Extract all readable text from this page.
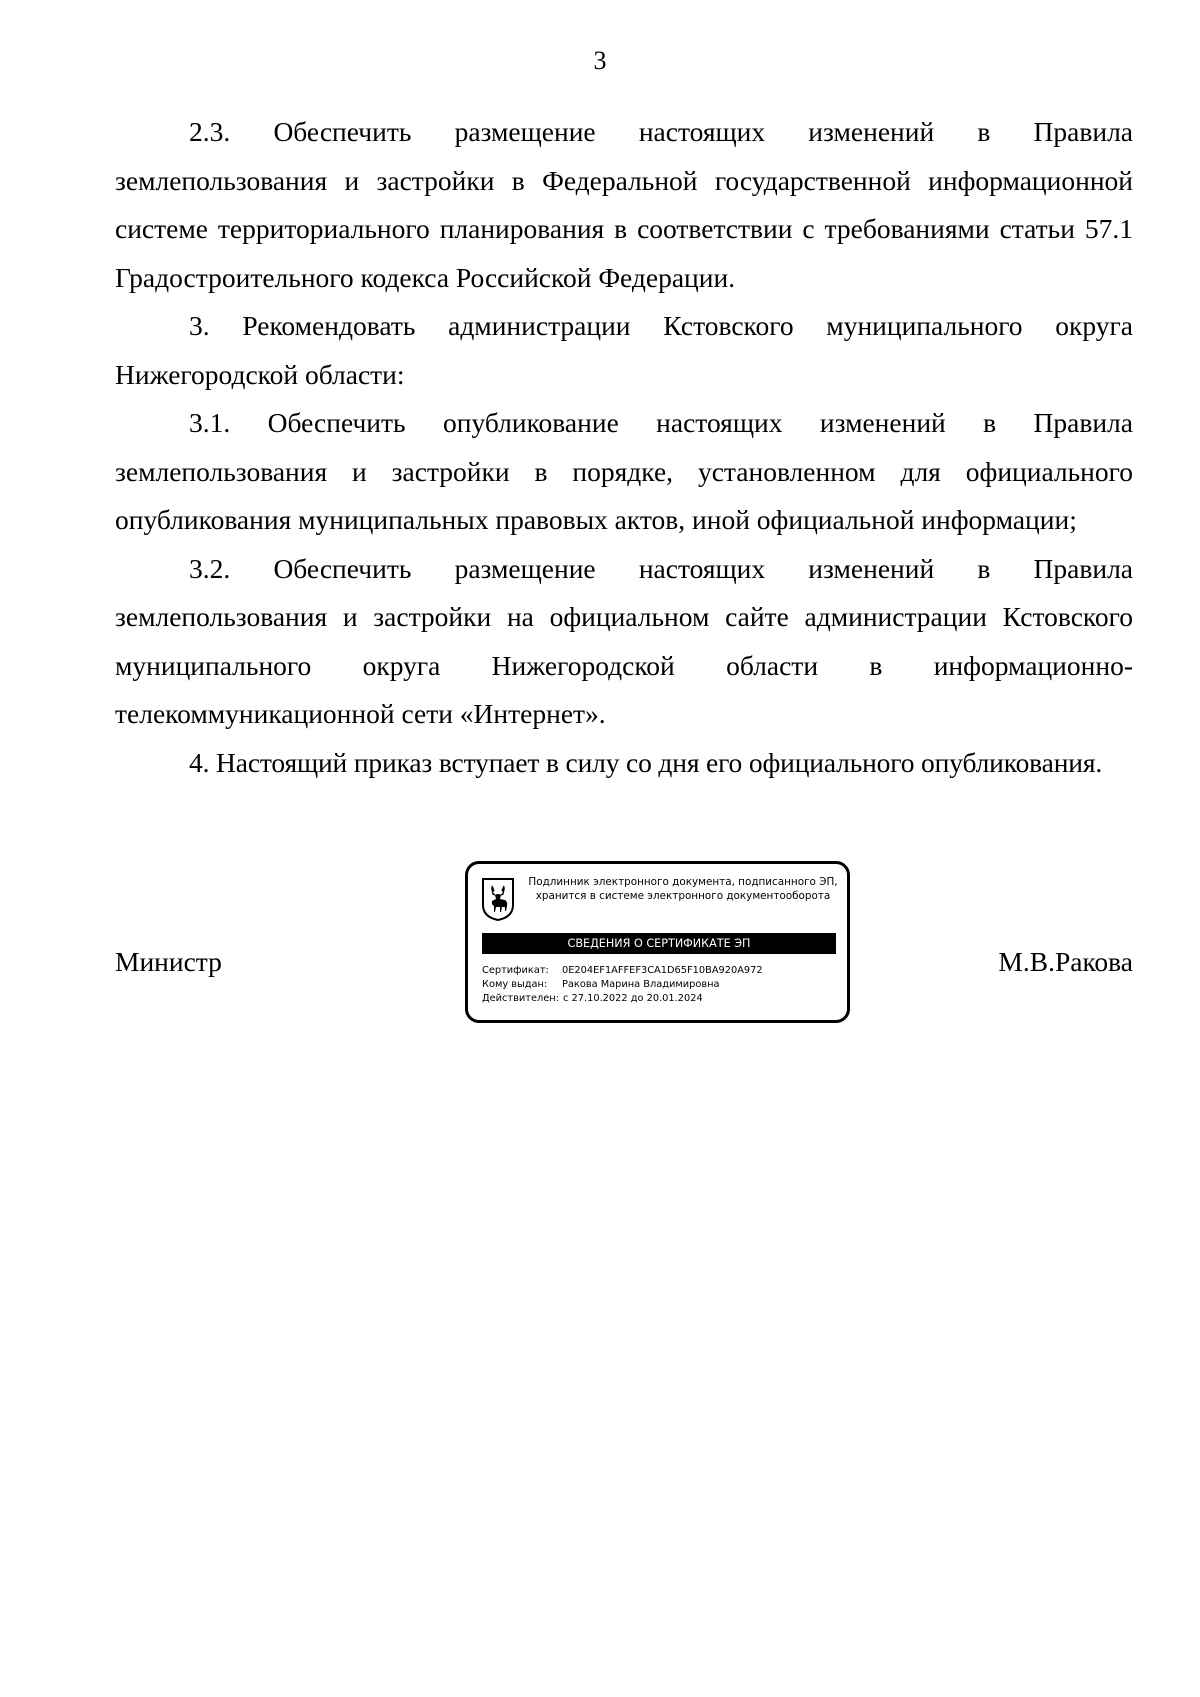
3

2.3. Обеспечить размещение настоящих изменений в Правила землепользования и застройки в Федеральной государственной информационной системе территориального планирования в соответствии с требованиями статьи 57.1 Градостроительного кодекса Российской Федерации.

3. Рекомендовать администрации Кстовского муниципального округа Нижегородской области:

3.1. Обеспечить опубликование настоящих изменений в Правила землепользования и застройки в порядке, установленном для официального опубликования муниципальных правовых актов, иной официальной информации;

3.2. Обеспечить размещение настоящих изменений в Правила землепользования и застройки на официальном сайте администрации Кстовского муниципального округа Нижегородской области в информационно-телекоммуникационной сети «Интернет».

4. Настоящий приказ вступает в силу со дня его официального опубликования.

Министр	М.В.Ракова
Подлинник электронного документа, подписанного ЭП,
хранится в системе электронного документооборота
СВЕДЕНИЯ О СЕРТИФИКАТЕ ЭП
Сертификат: 0E204EF1AFFEF3CA1D65F10BA920A972
Кому выдан: Ракова Марина Владимировна
Действителен: с 27.10.2022 до 20.01.2024
